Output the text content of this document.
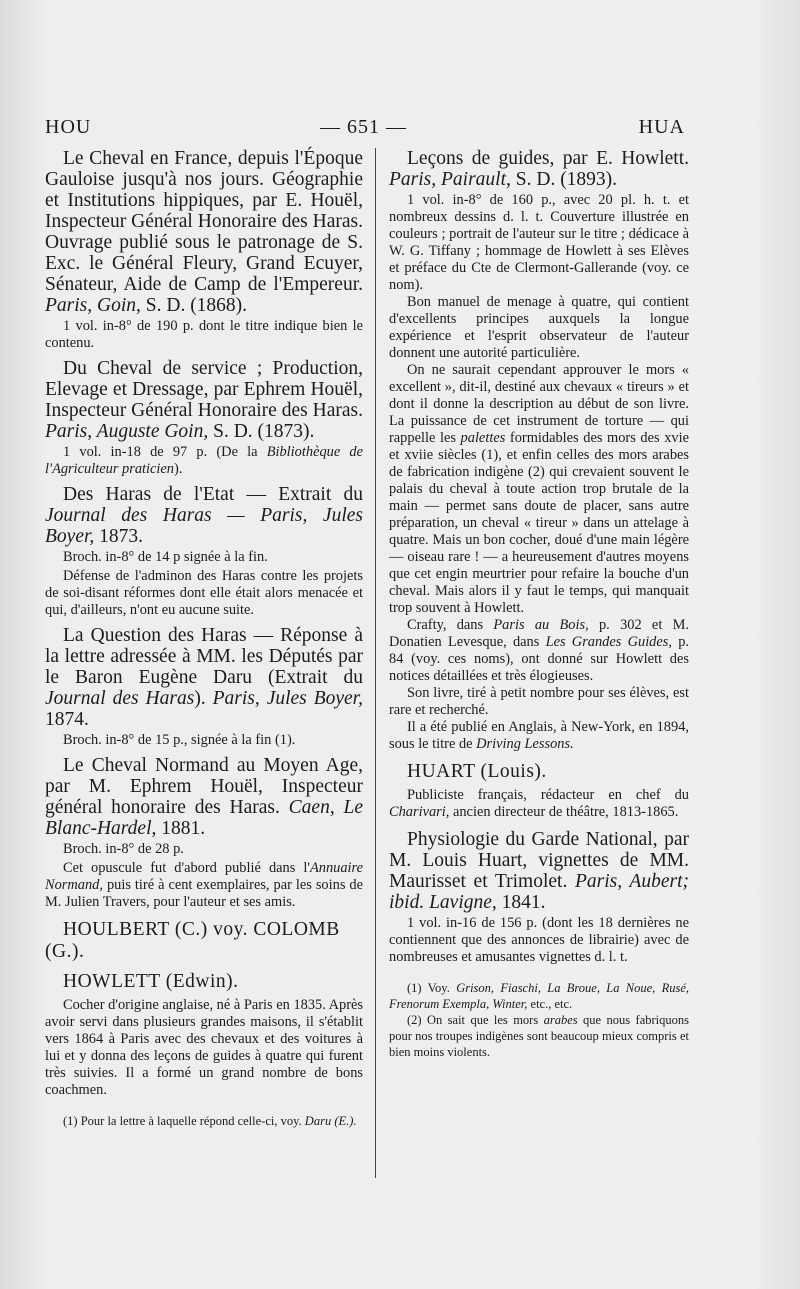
HOU	— 651 —	HUA

Le Cheval en France, depuis l'Époque Gauloise jusqu'à nos jours. Géographie et Institutions hippiques, par E. Houël, Inspecteur Général Honoraire des Haras. Ouvrage publié sous le patronage de S. Exc. le Général Fleury, Grand Ecuyer, Sénateur, Aide de Camp de l'Empereur. Paris, Goin, S. D. (1868).

1 vol. in-8° de 190 p. dont le titre indique bien le contenu.

Du Cheval de service ; Production, Elevage et Dressage, par Ephrem Houël, Inspecteur Général Honoraire des Haras. Paris, Auguste Goin, S. D. (1873).

1 vol. in-18 de 97 p. (De la Bibliothèque de l'Agriculteur praticien).

Des Haras de l'Etat — Extrait du Journal des Haras — Paris, Jules Boyer, 1873.

Broch. in-8° de 14 p signée à la fin.

Défense de l'adminon des Haras contre les projets de soi-disant réformes dont elle était alors menacée et qui, d'ailleurs, n'ont eu aucune suite.

La Question des Haras — Réponse à la lettre adressée à MM. les Députés par le Baron Eugène Daru (Extrait du Journal des Haras). Paris, Jules Boyer, 1874.

Broch. in-8° de 15 p., signée à la fin (1).

Le Cheval Normand au Moyen Age, par M. Ephrem Houël, Inspecteur général honoraire des Haras. Caen, Le Blanc-Hardel, 1881.

Broch. in-8° de 28 p.

Cet opuscule fut d'abord publié dans l'Annuaire Normand, puis tiré à cent exemplaires, par les soins de M. Julien Travers, pour l'auteur et ses amis.

HOULBERT (C.) voy. COLOMB (G.).

HOWLETT (Edwin).

Cocher d'origine anglaise, né à Paris en 1835. Après avoir servi dans plusieurs grandes maisons, il s'établit vers 1864 à Paris avec des chevaux et des voitures à lui et y donna des leçons de guides à quatre qui furent très suivies. Il a formé un grand nombre de bons coachmen.

(1) Pour la lettre à laquelle répond celle-ci, voy. Daru (E.).

Leçons de guides, par E. Howlett. Paris, Pairault, S. D. (1893).

1 vol. in-8° de 160 p., avec 20 pl. h. t. et nombreux dessins d. l. t. Couverture illustrée en couleurs ; portrait de l'auteur sur le titre ; dédicace à W. G. Tiffany ; hommage de Howlett à ses Elèves et préface du Cte de Clermont-Gallerande (voy. ce nom).

Bon manuel de menage à quatre, qui contient d'excellents principes auxquels la longue expérience et l'esprit observateur de l'auteur donnent une autorité particulière.

On ne saurait cependant approuver le mors « excellent », dit-il, destiné aux chevaux « tireurs » et dont il donne la description au début de son livre. La puissance de cet instrument de torture — qui rappelle les palettes formidables des mors des xvie et xviie siècles (1), et enfin celles des mors arabes de fabrication indigène (2) qui crevaient souvent le palais du cheval à toute action trop brutale de la main — permet sans doute de placer, sans autre préparation, un cheval « tireur » dans un attelage à quatre. Mais un bon cocher, doué d'une main légère — oiseau rare ! — a heureusement d'autres moyens que cet engin meurtrier pour refaire la bouche d'un cheval. Mais alors il y faut le temps, qui manquait trop souvent à Howlett.

Crafty, dans Paris au Bois, p. 302 et M. Donatien Levesque, dans Les Grandes Guides, p. 84 (voy. ces noms), ont donné sur Howlett des notices détaillées et très élogieuses.

Son livre, tiré à petit nombre pour ses élèves, est rare et recherché.

Il a été publié en Anglais, à New-York, en 1894, sous le titre de Driving Lessons.

HUART (Louis).

Publiciste français, rédacteur en chef du Charivari, ancien directeur de théâtre, 1813-1865.

Physiologie du Garde National, par M. Louis Huart, vignettes de MM. Maurisset et Trimolet. Paris, Aubert; ibid. Lavigne, 1841.

1 vol. in-16 de 156 p. (dont les 18 dernières ne contiennent que des annonces de librairie) avec de nombreuses et amusantes vignettes d. l. t.

(1) Voy. Grison, Fiaschi, La Broue, La Noue, Rusé, Frenorum Exempla, Winter, etc., etc.

(2) On sait que les mors arabes que nous fabriquons pour nos troupes indigènes sont beaucoup mieux compris et bien moins violents.
